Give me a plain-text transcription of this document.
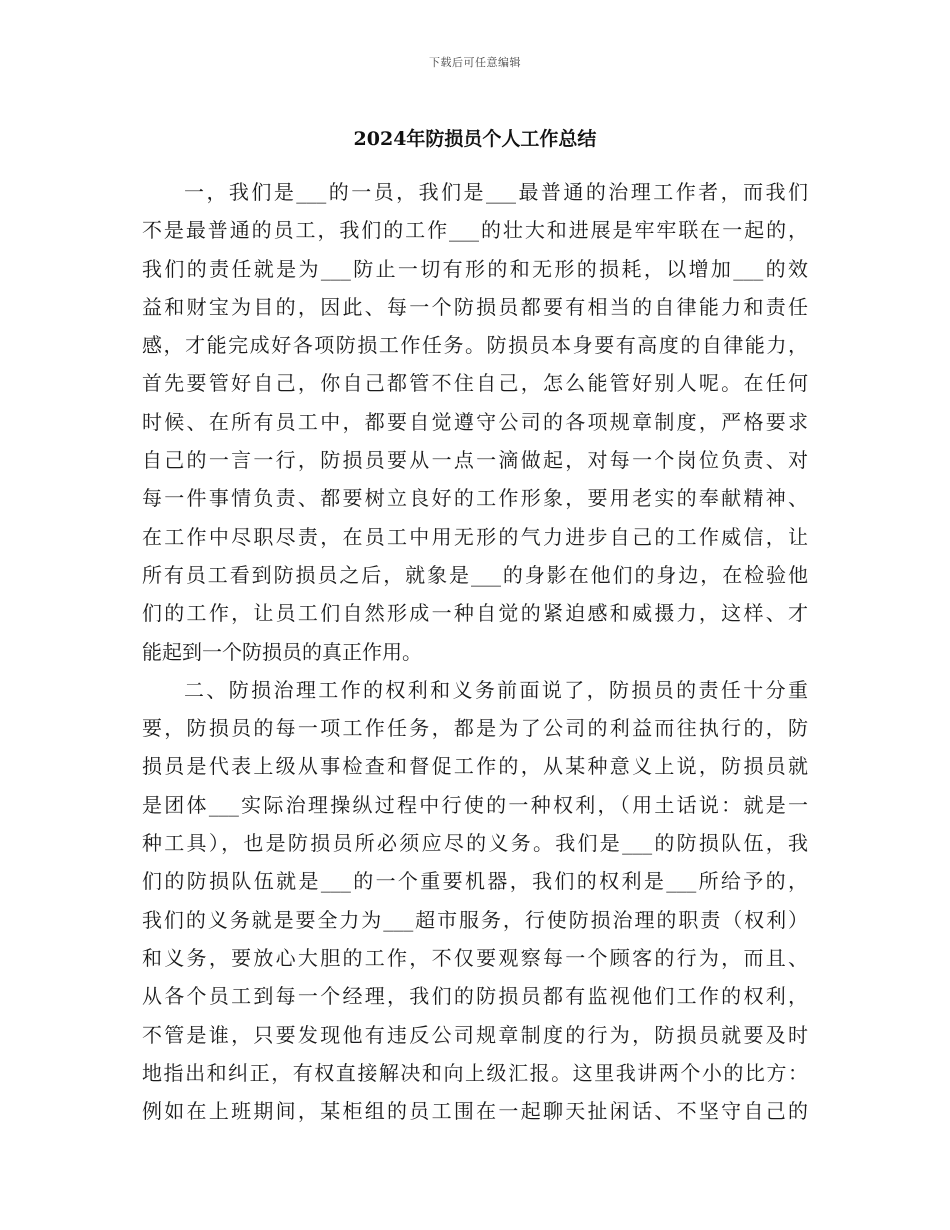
下载后可任意编辑
2024年防损员个人工作总结
一，我们是___的一员，我们是___最普通的治理工作者，而我们
不是最普通的员工，我们的工作___的壮大和进展是牢牢联在一起的，
我们的责任就是为___防止一切有形的和无形的损耗，以增加___的效
益和财宝为目的，因此、每一个防损员都要有相当的自律能力和责任
感，才能完成好各项防损工作任务。防损员本身要有高度的自律能力，
首先要管好自己，你自己都管不住自己，怎么能管好别人呢。在任何
时候、在所有员工中，都要自觉遵守公司的各项规章制度，严格要求
自己的一言一行，防损员要从一点一滴做起，对每一个岗位负责、对
每一件事情负责、都要树立良好的工作形象，要用老实的奉献精神、
在工作中尽职尽责，在员工中用无形的气力进步自己的工作威信，让
所有员工看到防损员之后，就象是___的身影在他们的身边，在检验他
们的工作，让员工们自然形成一种自觉的紧迫感和威摄力，这样、才
能起到一个防损员的真正作用。
二、防损治理工作的权利和义务前面说了，防损员的责任十分重
要，防损员的每一项工作任务，都是为了公司的利益而往执行的，防
损员是代表上级从事检查和督促工作的，从某种意义上说，防损员就
是团体___实际治理操纵过程中行使的一种权利，（用土话说：就是一
种工具），也是防损员所必须应尽的义务。我们是___的防损队伍，我
们的防损队伍就是___的一个重要机器，我们的权利是___所给予的，
我们的义务就是要全力为___超市服务，行使防损治理的职责（权利）
和义务，要放心大胆的工作，不仅要观察每一个顾客的行为，而且、
从各个员工到每一个经理，我们的防损员都有监视他们工作的权利，
不管是谁，只要发现他有违反公司规章制度的行为，防损员就要及时
地指出和纠正，有权直接解决和向上级汇报。这里我讲两个小的比方：
例如在上班期间，某柜组的员工围在一起聊天扯闲话、不坚守自己的
